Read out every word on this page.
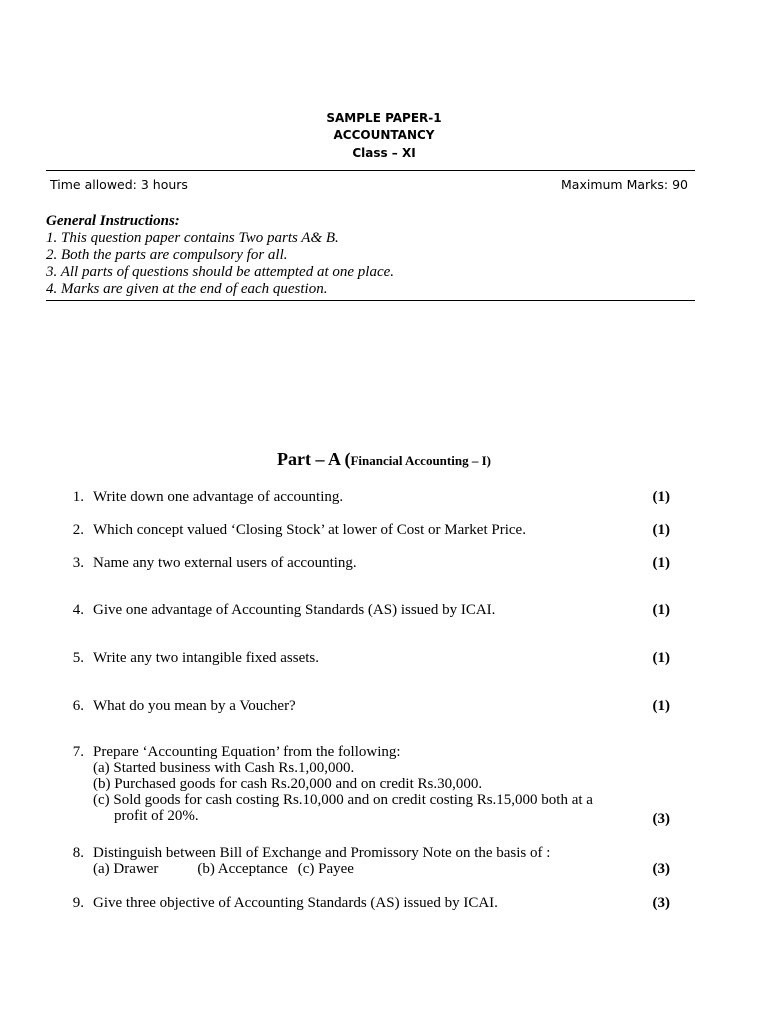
SAMPLE PAPER-1
ACCOUNTANCY
Class – XI
Time allowed: 3 hours	Maximum Marks: 90
General Instructions:
1. This question paper contains Two parts A& B.
2. Both the parts are compulsory for all.
3. All parts of questions should be attempted at one place.
4. Marks are given at the end of each question.
Part – A (Financial Accounting – I)
1. Write down one advantage of accounting.	(1)
2. Which concept valued ‘Closing Stock’ at lower of Cost or Market Price.	(1)
3. Name any two external users of accounting.	(1)
4. Give one advantage of Accounting Standards (AS) issued by ICAI.	(1)
5. Write any two intangible fixed assets.	(1)
6. What do you mean by a Voucher?	(1)
7. Prepare ‘Accounting Equation’ from the following:
(a) Started business with Cash Rs.1,00,000.
(b) Purchased goods for cash Rs.20,000 and on credit Rs.30,000.
(c) Sold goods for cash costing Rs.10,000 and on credit costing Rs.15,000 both at a
profit of 20%.	(3)
8. Distinguish between Bill of Exchange and Promissory Note on the basis of :
(a) Drawer	(b) Acceptance (c) Payee	(3)
9. Give three objective of Accounting Standards (AS) issued by ICAI.	(3)
